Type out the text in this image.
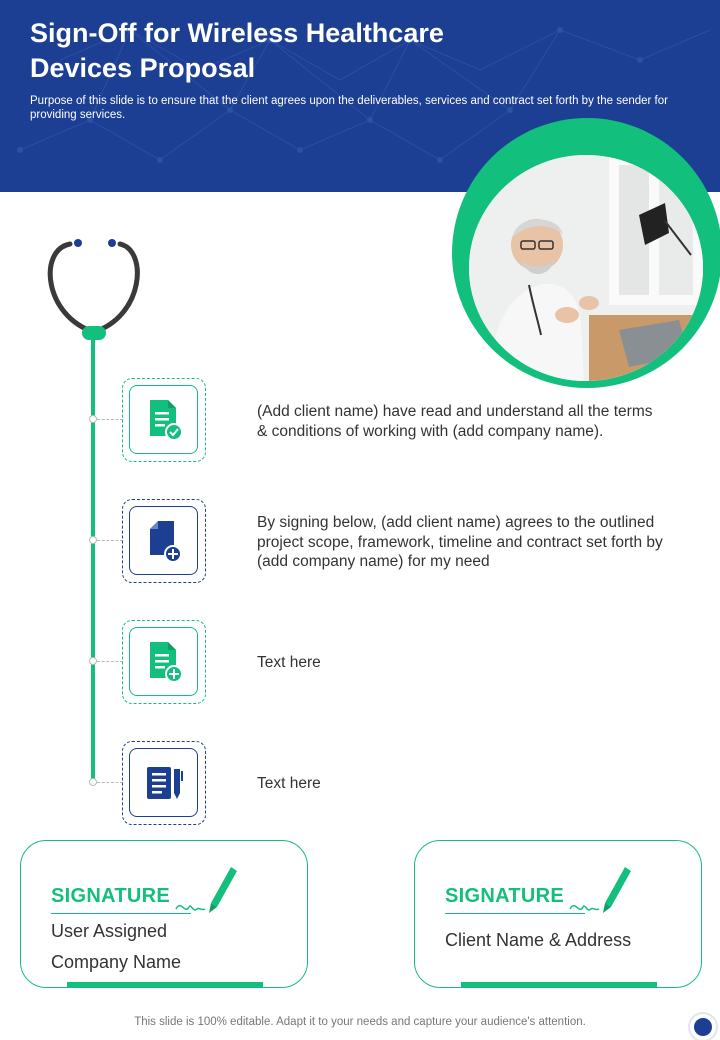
Sign-Off for Wireless Healthcare Devices Proposal
Purpose of this slide is to ensure that the client agrees upon the deliverables, services and contract set forth by the sender for providing services.
(Add client name) have read and understand all the terms & conditions of working with (add company name).
By signing below, (add client name) agrees to the outlined project scope, framework, timeline and contract set forth by (add company name) for my need
Text here
Text here
SIGNATURE
User Assigned
Company Name
SIGNATURE
Client Name & Address
This slide is 100% editable. Adapt it to your needs and capture your audience's attention.
